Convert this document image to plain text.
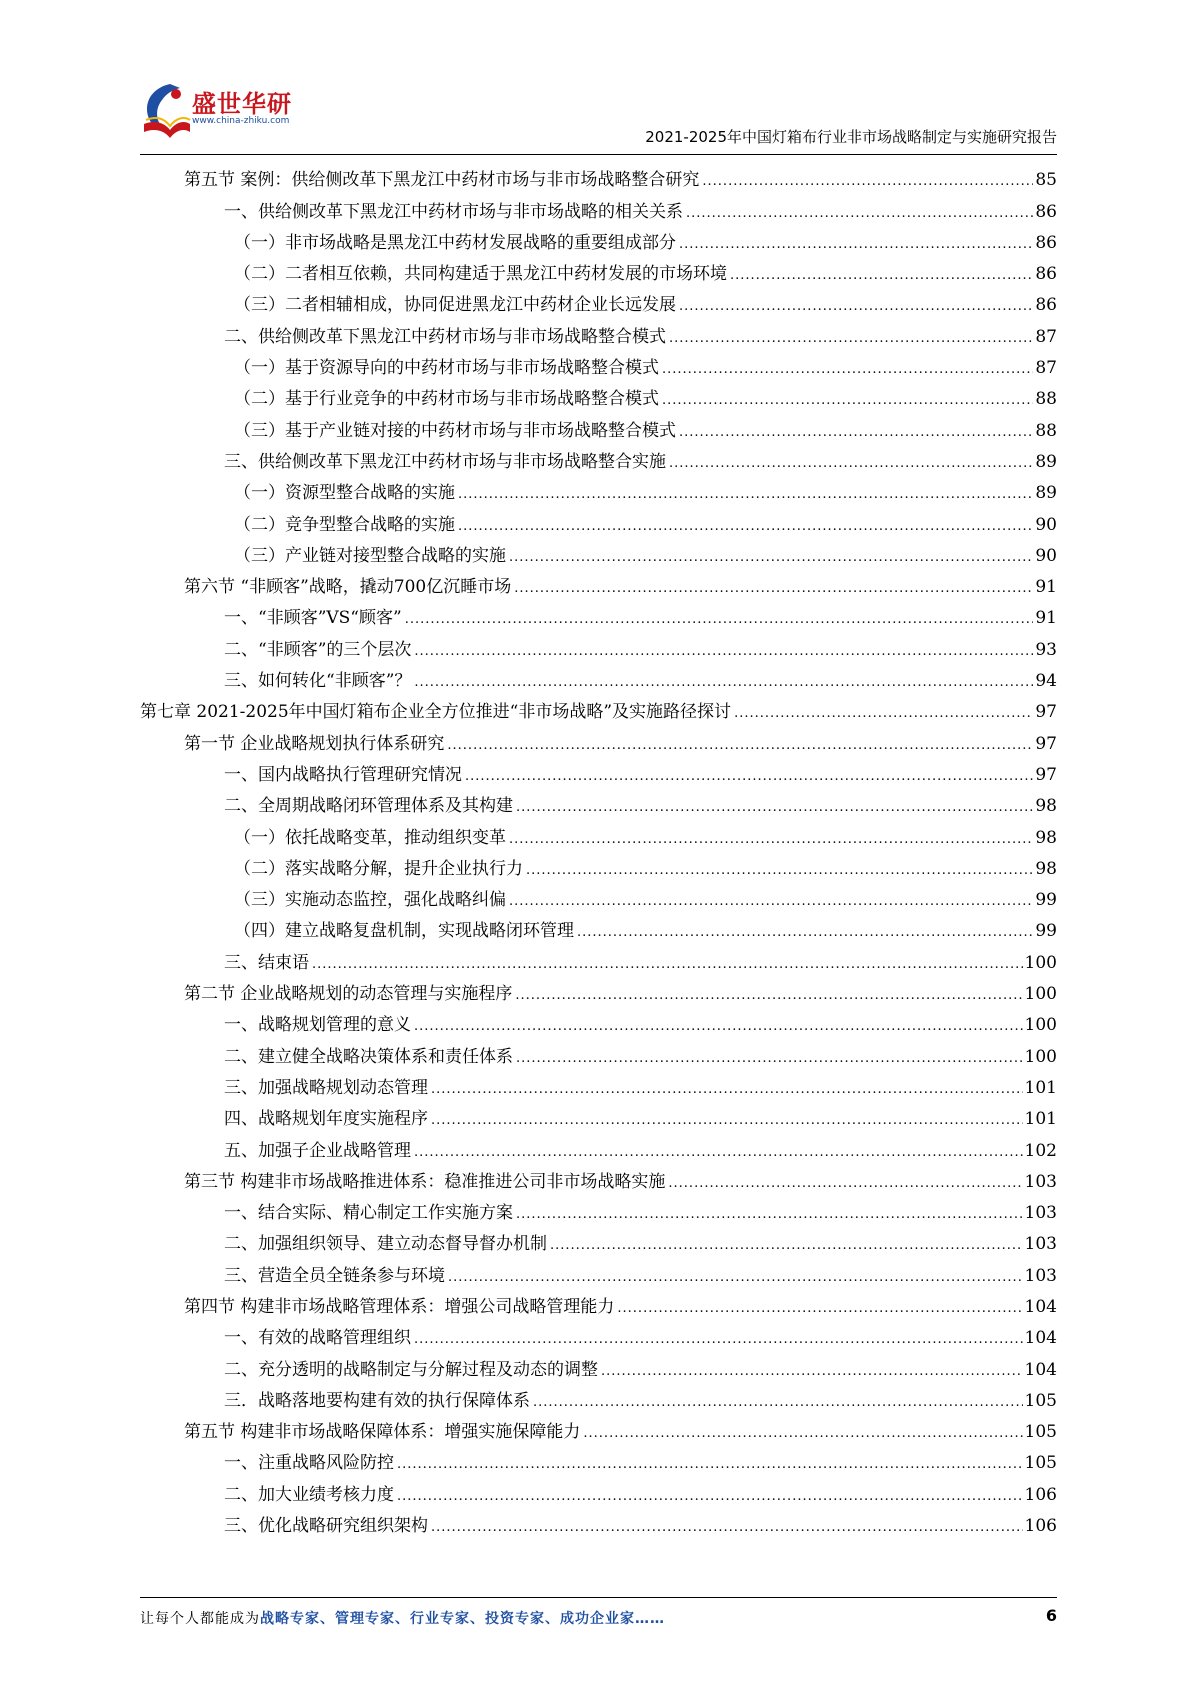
盛世华研
www.china-zhiku.com
2021-2025年中国灯箱布行业非市场战略制定与实施研究报告
第五节 案例：供给侧改革下黑龙江中药材市场与非市场战略整合研究 .....	85
一、供给侧改革下黑龙江中药材市场与非市场战略的相关关系 .....	86
（一）非市场战略是黑龙江中药材发展战略的重要组成部分 .....	86
（二）二者相互依赖，共同构建适于黑龙江中药材发展的市场环境 .....	86
（三）二者相辅相成，协同促进黑龙江中药材企业长远发展 .....	86
二、供给侧改革下黑龙江中药材市场与非市场战略整合模式 .....	87
（一）基于资源导向的中药材市场与非市场战略整合模式 .....	87
（二）基于行业竞争的中药材市场与非市场战略整合模式 .....	88
（三）基于产业链对接的中药材市场与非市场战略整合模式 .....	88
三、供给侧改革下黑龙江中药材市场与非市场战略整合实施 .....	89
（一）资源型整合战略的实施 .....	89
（二）竞争型整合战略的实施 .....	90
（三）产业链对接型整合战略的实施 .....	90
第六节 “非顾客”战略，撬动700亿沉睡市场 .....	91
一、“非顾客”VS“顾客” .....	91
二、“非顾客”的三个层次 .....	93
三、如何转化“非顾客”？ .....	94
第七章 2021-2025年中国灯箱布企业全方位推进“非市场战略”及实施路径探讨 .....	97
第一节 企业战略规划执行体系研究 .....	97
一、国内战略执行管理研究情况 .....	97
二、全周期战略闭环管理体系及其构建 .....	98
（一）依托战略变革，推动组织变革 .....	98
（二）落实战略分解，提升企业执行力 .....	98
（三）实施动态监控，强化战略纠偏 .....	99
（四）建立战略复盘机制，实现战略闭环管理 .....	99
三、结束语 .....	100
第二节 企业战略规划的动态管理与实施程序 .....	100
一、战略规划管理的意义 .....	100
二、建立健全战略决策体系和责任体系 .....	100
三、加强战略规划动态管理 .....	101
四、战略规划年度实施程序 .....	101
五、加强子企业战略管理 .....	102
第三节 构建非市场战略推进体系：稳准推进公司非市场战略实施 .....	103
一、结合实际、精心制定工作实施方案 .....	103
二、加强组织领导、建立动态督导督办机制 .....	103
三、营造全员全链条参与环境 .....	103
第四节 构建非市场战略管理体系：增强公司战略管理能力 .....	104
一、有效的战略管理组织 .....	104
二、充分透明的战略制定与分解过程及动态的调整 .....	104
三．战略落地要构建有效的执行保障体系 .....	105
第五节 构建非市场战略保障体系：增强实施保障能力 .....	105
一、注重战略风险防控 .....	105
二、加大业绩考核力度 .....	106
三、优化战略研究组织架构 .....	106
让每个人都能成为战略专家、管理专家、行业专家、投资专家、成功企业家……	6
